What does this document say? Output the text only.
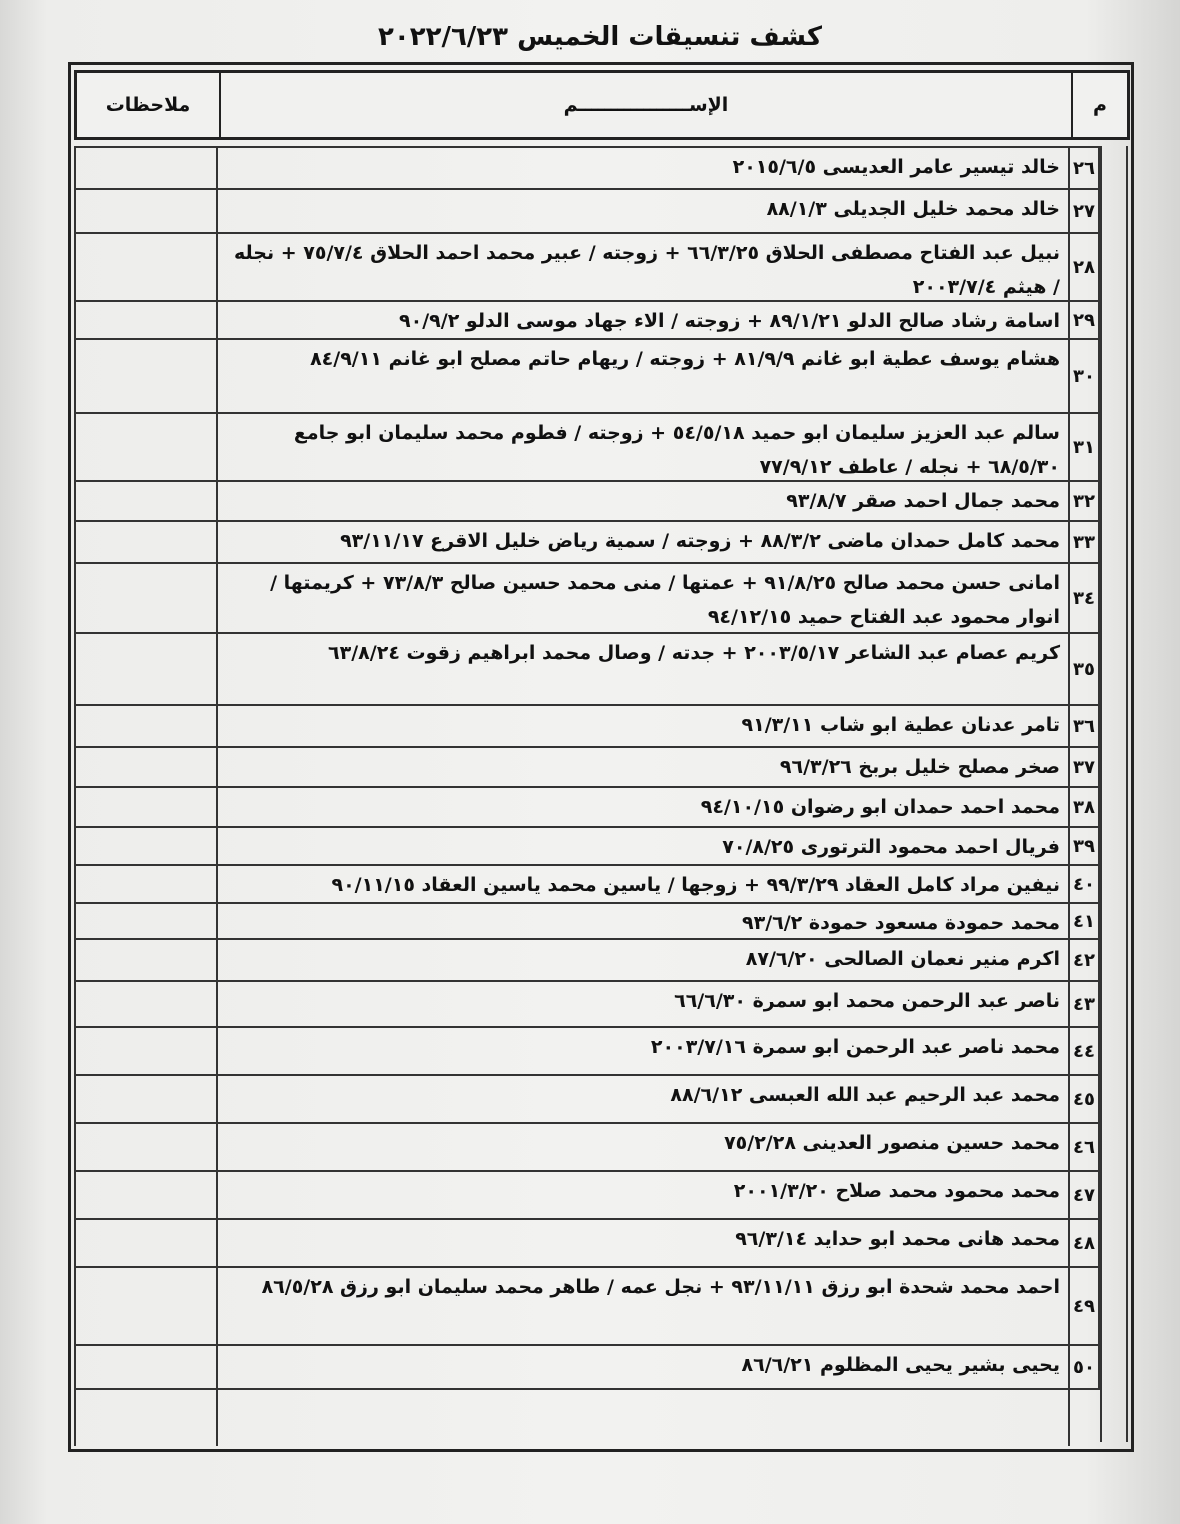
كشف تنسيقات الخميس ٢٠٢٢/٦/٢٣
ملاحظات	الإســـــــــــــــــم	م
خالد تيسير عامر العديسى ٢٠١٥/٦/٥ ٢٦
خالد محمد خليل الجديلى ٨٨/١/٣ ٢٧
نبيل عبد الفتاح مصطفى الحلاق ٦٦/٣/٢٥ + زوجته / عبير محمد احمد الحلاق ٧٥/٧/٤ + نجله / هيثم ٢٠٠٣/٧/٤
٢٨
اسامة رشاد صالح الدلو ٨٩/١/٢١ + زوجته / الاء جهاد موسى الدلو ٩٠/٩/٢ ٢٩
هشام يوسف عطية ابو غانم ٨١/٩/٩ + زوجته / ريهام حاتم مصلح ابو غانم ٨٤/٩/١١
٣٠
سالم عبد العزيز سليمان ابو حميد ٥٤/٥/١٨ + زوجته / فطوم محمد سليمان ابو جامع ٦٨/٥/٣٠ + نجله / عاطف ٧٧/٩/١٢
٣١
محمد جمال احمد صقر ٩٣/٨/٧ ٣٢
محمد كامل حمدان ماضى ٨٨/٣/٢ + زوجته / سمية رياض خليل الاقرع ٩٣/١١/١٧ ٣٣
امانى حسن محمد صالح ٩١/٨/٢٥ + عمتها / منى محمد حسين صالح ٧٣/٨/٣ + كريمتها / انوار محمود عبد الفتاح حميد ٩٤/١٢/١٥
٣٤
كريم عصام عبد الشاعر ٢٠٠٣/٥/١٧ + جدته / وصال محمد ابراهيم زقوت ٦٣/٨/٢٤
٣٥
تامر عدنان عطية ابو شاب ٩١/٣/١١ ٣٦
صخر مصلح خليل بربخ ٩٦/٣/٢٦ ٣٧
محمد احمد حمدان ابو رضوان ٩٤/١٠/١٥ ٣٨
فريال احمد محمود الترتورى ٧٠/٨/٢٥ ٣٩
نيفين مراد كامل العقاد ٩٩/٣/٢٩ + زوجها / ياسين محمد ياسين العقاد ٩٠/١١/١٥ ٤٠
محمد حمودة مسعود حمودة ٩٣/٦/٢ ٤١
اكرم منير نعمان الصالحى ٨٧/٦/٢٠ ٤٢
ناصر عبد الرحمن محمد ابو سمرة ٦٦/٦/٣٠ ٤٣
محمد ناصر عبد الرحمن ابو سمرة ٢٠٠٣/٧/١٦ ٤٤
محمد عبد الرحيم عبد الله العبسى ٨٨/٦/١٢ ٤٥
محمد حسين منصور العدينى ٧٥/٢/٢٨ ٤٦
محمد محمود محمد صلاح ٢٠٠١/٣/٢٠ ٤٧
محمد هانى محمد ابو حدايد ٩٦/٣/١٤ ٤٨
احمد محمد شحدة ابو رزق ٩٣/١١/١١ + نجل عمه / طاهر محمد سليمان ابو رزق ٨٦/٥/٢٨
٤٩
يحيى بشير يحيى المظلوم ٨٦/٦/٢١ ٥٠
